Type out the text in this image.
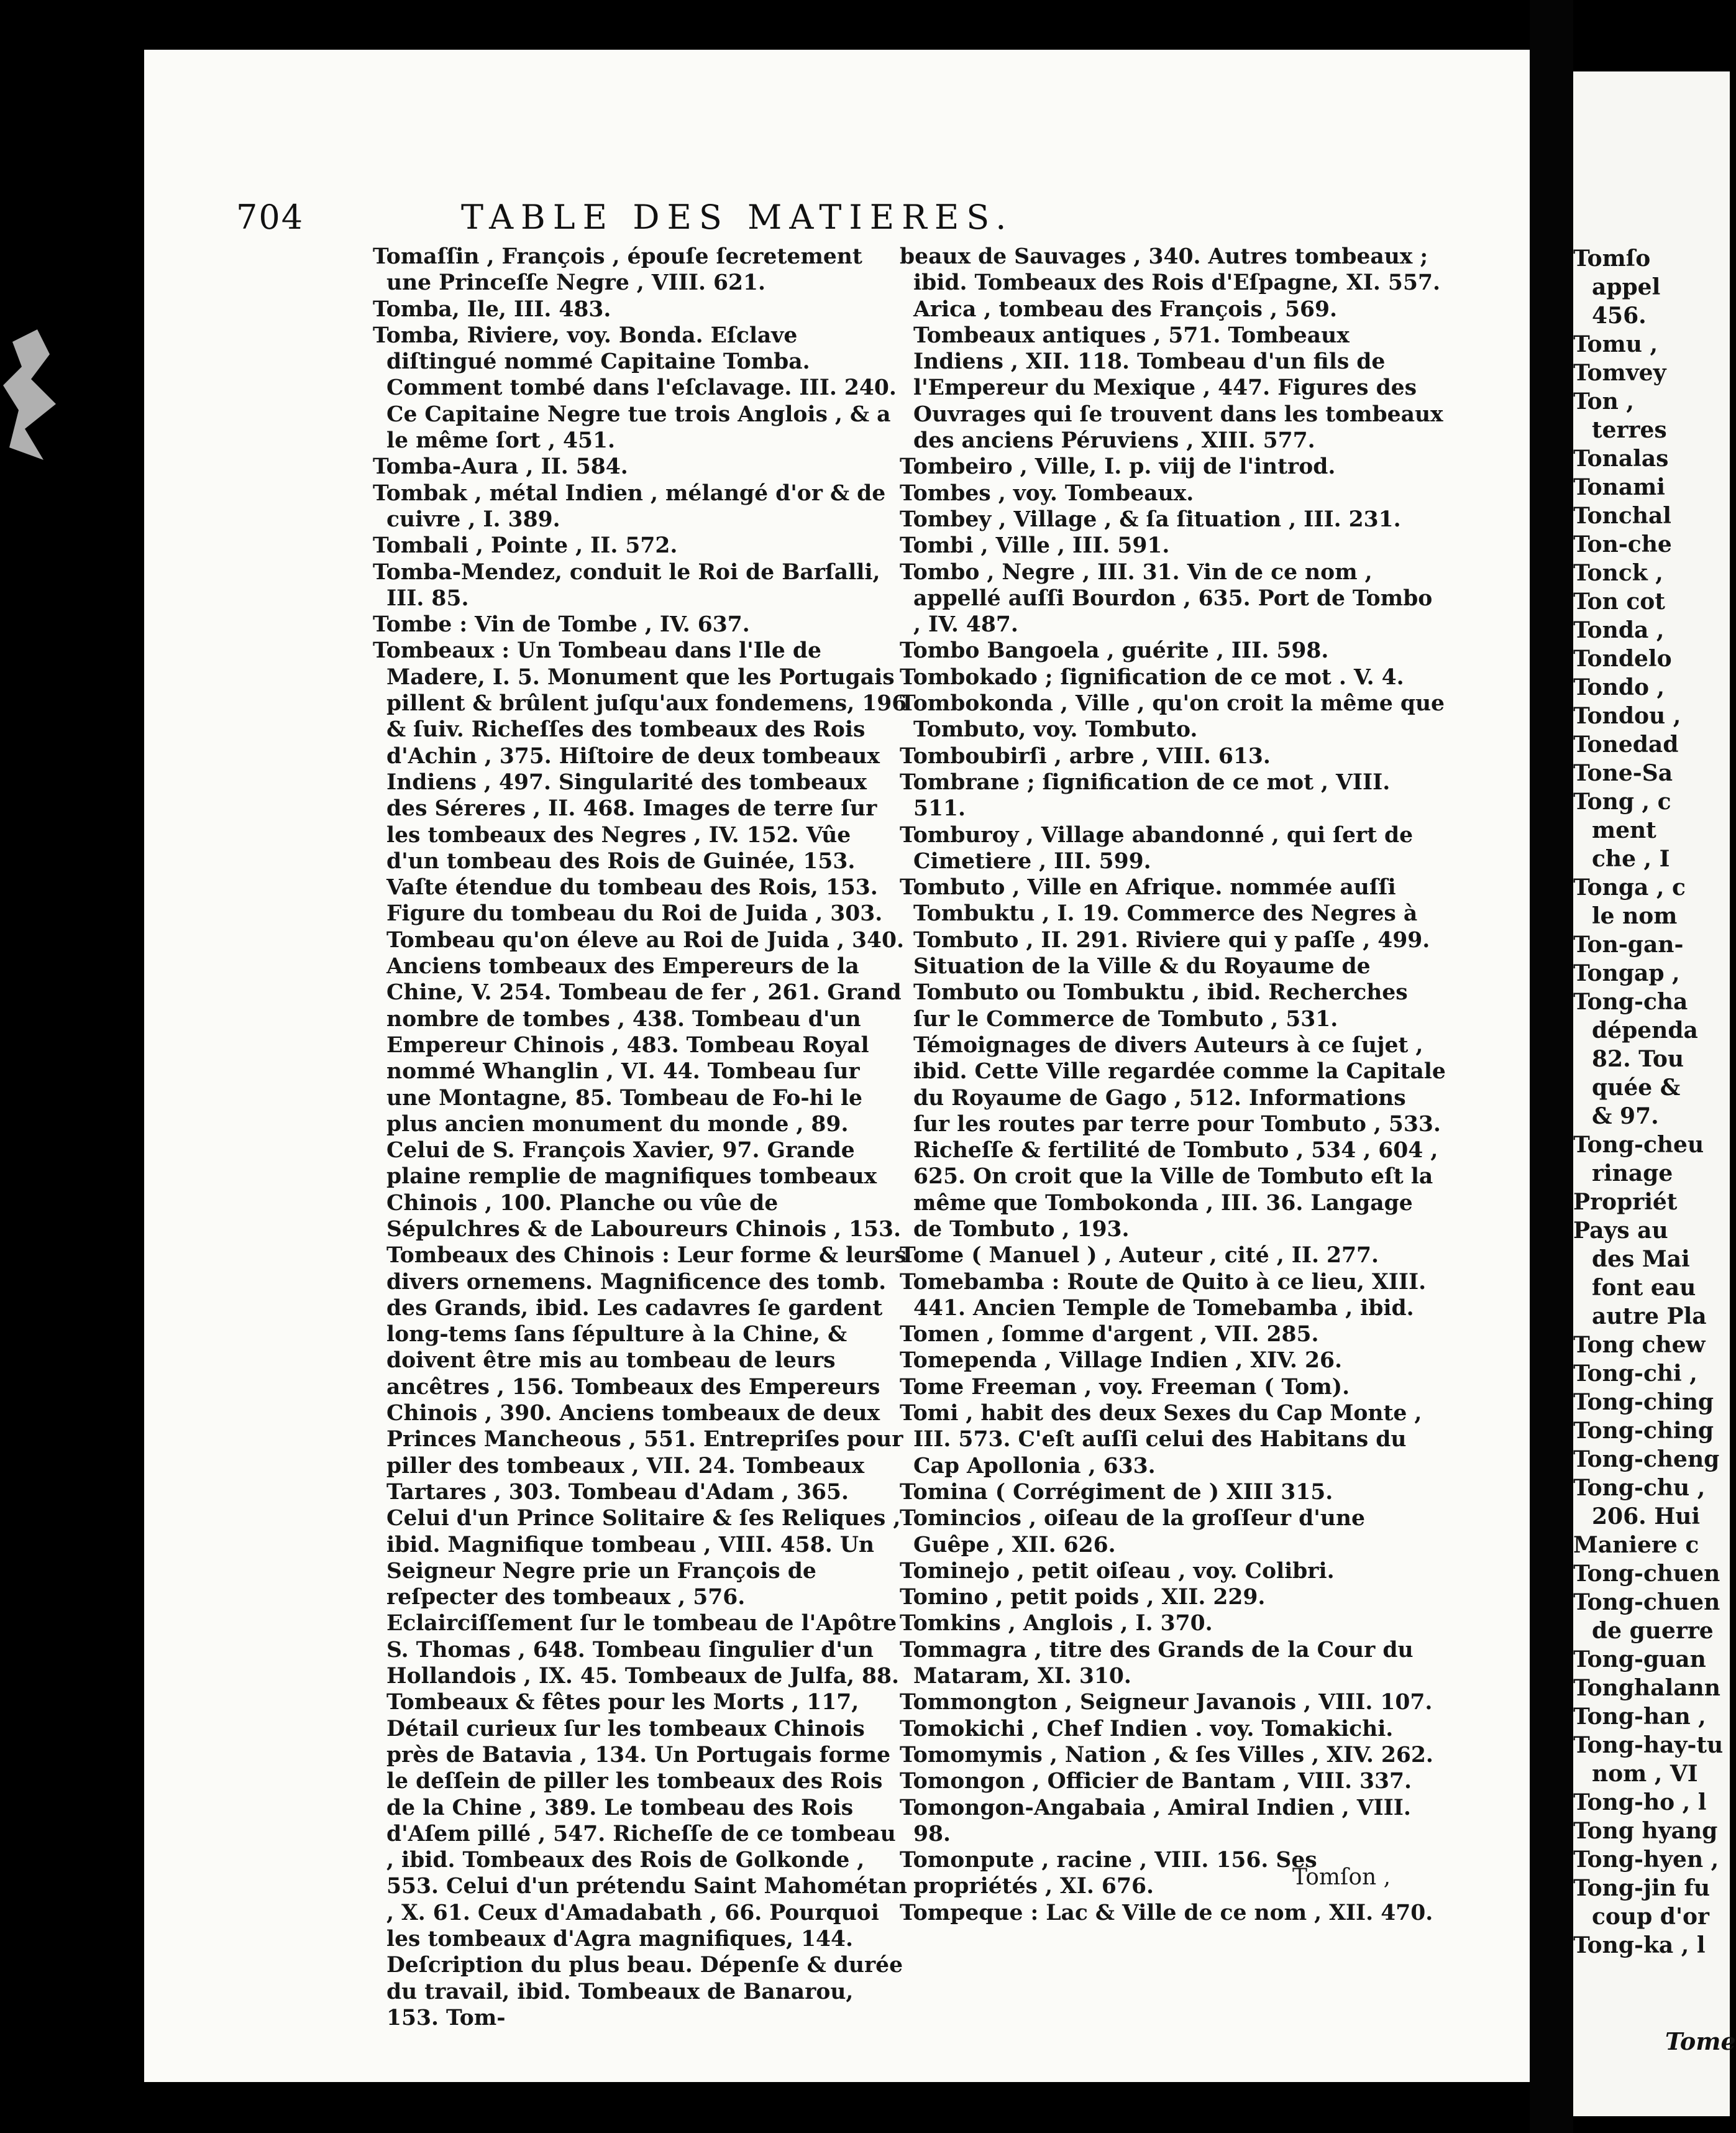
Tomſo
appel
456.
Tomu ,
Tomvey
Ton ,
terres
Tonalas
Tonami
Tonchal
Ton-che
Tonck ,
Ton cot
Tonda ,
Tondelo
Tondo ,
Tondou ,
Tonedad
Tone-Sa
Tong , c
ment
che , I
Tonga , c
le nom
Ton-gan-
Tongap ,
Tong-cha
dépenda
82. Tou
quée &
& 97.
Tong-cheu
rinage
Propriét
Pays au
des Mai
font eau
autre Pla
Tong chew
Tong-chi ,
Tong-ching
Tong-ching
Tong-cheng
Tong-chu ,
206. Hui
Maniere c
Tong-chuen
Tong-chuen
de guerre
Tong-guan
Tonghalann
Tong-han ,
Tong-hay-tu
nom , VI
Tong-ho , l
Tong hyang
Tong-hyen ,
Tong-jin fu
coup d'or
Tong-ka , l
704	TABLE DES MATIERES.
Tomaſſin , François , épouſe ſecretement une Princeſſe Negre , VIII. 621.
Tomba, Ile, III. 483.
Tomba, Riviere, voy. Bonda. Eſclave diſtingué nommé Capitaine Tomba. Comment tombé dans l'eſclavage. III. 240. Ce Capitaine Negre tue trois Anglois , & a le même ſort , 451.
Tomba-Aura , II. 584.
Tombak , métal Indien , mélangé d'or & de cuivre , I. 389.
Tombali , Pointe , II. 572.
Tomba-Mendez, conduit le Roi de Barſalli, III. 85.
Tombe : Vin de Tombe , IV. 637.
Tombeaux : Un Tombeau dans l'Ile de Madere, I. 5. Monument que les Portugais pillent & brûlent juſqu'aux fondemens, 196 & ſuiv. Richeſſes des tombeaux des Rois d'Achin , 375. Hiſtoire de deux tombeaux Indiens , 497. Singularité des tombeaux des Séreres , II. 468. Images de terre ſur les tombeaux des Negres , IV. 152. Vûe d'un tombeau des Rois de Guinée, 153. Vaſte étendue du tombeau des Rois, 153. Figure du tombeau du Roi de Juida , 303. Tombeau qu'on éleve au Roi de Juida , 340. Anciens tombeaux des Empereurs de la Chine, V. 254. Tombeau de fer , 261. Grand nombre de tombes , 438. Tombeau d'un Empereur Chinois , 483. Tombeau Royal nommé Whanglin , VI. 44. Tombeau ſur une Montagne, 85. Tombeau de Fo-hi le plus ancien monument du monde , 89. Celui de S. François Xavier, 97. Grande plaine remplie de magnifiques tombeaux Chinois , 100. Planche ou vûe de Sépulchres & de Laboureurs Chinois , 153. Tombeaux des Chinois : Leur forme & leurs divers ornemens. Magnificence des tomb. des Grands, ibid. Les cadavres ſe gardent long-tems ſans ſépulture à la Chine, & doivent être mis au tombeau de leurs ancêtres , 156. Tombeaux des Empereurs Chinois , 390. Anciens tombeaux de deux Princes Mancheous , 551. Entrepriſes pour piller des tombeaux , VII. 24. Tombeaux Tartares , 303. Tombeau d'Adam , 365. Celui d'un Prince Solitaire & ſes Reliques , ibid. Magnifique tombeau , VIII. 458. Un Seigneur Negre prie un François de reſpecter des tombeaux , 576. Eclairciſſement ſur le tombeau de l'Apôtre S. Thomas , 648. Tombeau ſingulier d'un Hollandois , IX. 45. Tombeaux de Julfa, 88. Tombeaux & fêtes pour les Morts , 117, Détail curieux ſur les tombeaux Chinois près de Batavia , 134. Un Portugais forme le deſſein de piller les tombeaux des Rois de la Chine , 389. Le tombeau des Rois d'Aſem pillé , 547. Richeſſe de ce tombeau , ibid. Tombeaux des Rois de Golkonde , 553. Celui d'un prétendu Saint Mahométan , X. 61. Ceux d'Amadabath , 66. Pourquoi les tombeaux d'Agra magnifiques, 144. Deſcription du plus beau. Dépenſe & durée du travail, ibid. Tombeaux de Banarou, 153. Tom-
beaux de Sauvages , 340. Autres tombeaux ; ibid. Tombeaux des Rois d'Eſpagne, XI. 557. Arica , tombeau des François , 569. Tombeaux antiques , 571. Tombeaux Indiens , XII. 118. Tombeau d'un fils de l'Empereur du Mexique , 447. Figures des Ouvrages qui ſe trouvent dans les tombeaux des anciens Péruviens , XIII. 577.
Tombeiro , Ville, I. p. viij de l'introd.
Tombes , voy. Tombeaux.
Tombey , Village , & ſa ſituation , III. 231.
Tombi , Ville , III. 591.
Tombo , Negre , III. 31. Vin de ce nom , appellé auſſi Bourdon , 635. Port de Tombo , IV. 487.
Tombo Bangoela , guérite , III. 598.
Tombokado ; ſignification de ce mot . V. 4.
Tombokonda , Ville , qu'on croit la même que Tombuto, voy. Tombuto.
Tomboubirſi , arbre , VIII. 613.
Tombrane ; ſignification de ce mot , VIII. 511.
Tomburoy , Village abandonné , qui ſert de Cimetiere , III. 599.
Tombuto , Ville en Afrique. nommée auſſi Tombuktu , I. 19. Commerce des Negres à Tombuto , II. 291. Riviere qui y paſſe , 499. Situation de la Ville & du Royaume de Tombuto ou Tombuktu , ibid. Recherches ſur le Commerce de Tombuto , 531. Témoignages de divers Auteurs à ce ſujet , ibid. Cette Ville regardée comme la Capitale du Royaume de Gago , 512. Informations ſur les routes par terre pour Tombuto , 533. Richeſſe & fertilité de Tombuto , 534 , 604 , 625. On croit que la Ville de Tombuto eſt la même que Tombokonda , III. 36. Langage de Tombuto , 193.
Tome ( Manuel ) , Auteur , cité , II. 277.
Tomebamba : Route de Quito à ce lieu, XIII. 441. Ancien Temple de Tomebamba , ibid.
Tomen , ſomme d'argent , VII. 285.
Tomependa , Village Indien , XIV. 26.
Tome Freeman , voy. Freeman ( Tom).
Tomi , habit des deux Sexes du Cap Monte , III. 573. C'eſt auſſi celui des Habitans du Cap Apollonia , 633.
Tomina ( Corrégiment de ) XIII 315.
Tomincios , oiſeau de la groſſeur d'une Guêpe , XII. 626.
Tominejo , petit oiſeau , voy. Colibri.
Tomino , petit poids , XII. 229.
Tomkins , Anglois , I. 370.
Tommagra , titre des Grands de la Cour du Mataram, XI. 310.
Tommongton , Seigneur Javanois , VIII. 107.
Tomokichi , Chef Indien . voy. Tomakichi.
Tomomymis , Nation , & ſes Villes , XIV. 262.
Tomongon , Officier de Bantam , VIII. 337.
Tomongon-Angabaia , Amiral Indien , VIII. 98.
Tomonpute , racine , VIII. 156. Ses propriétés , XI. 676.
Tompeque : Lac & Ville de ce nom , XII. 470.
Tomſon ,
Tome
